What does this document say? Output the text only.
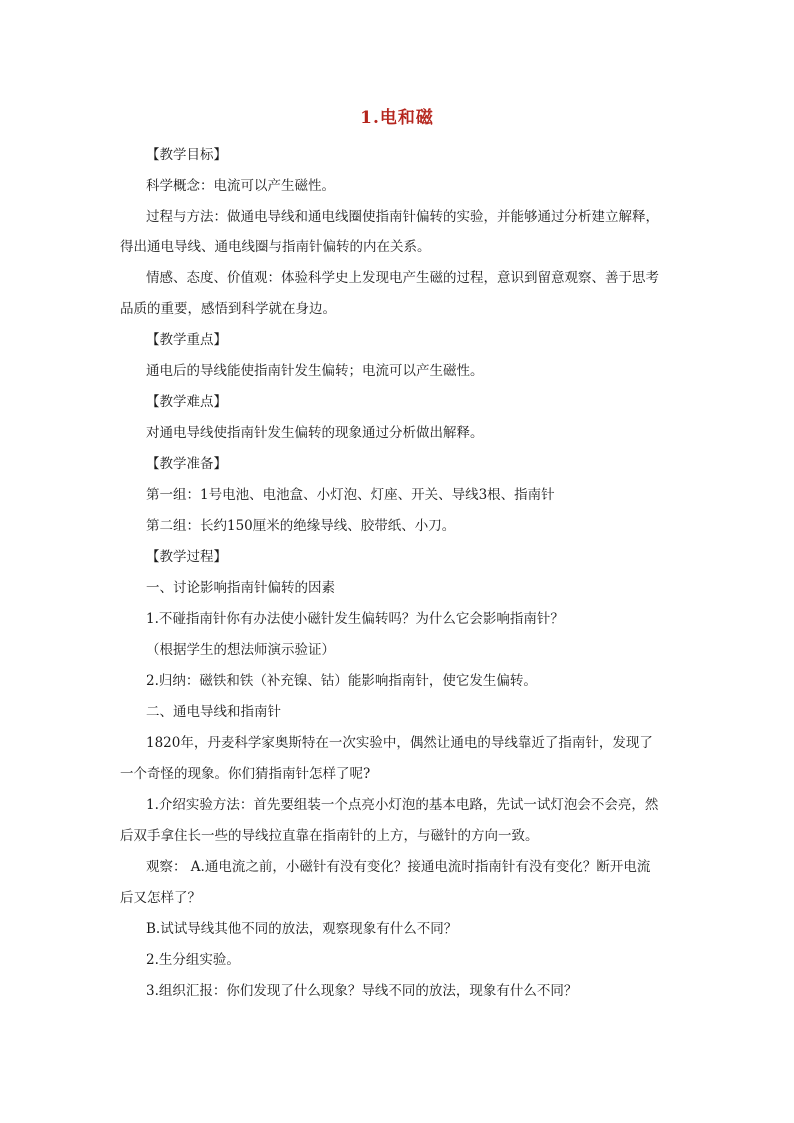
1.电和磁
【教学目标】
科学概念：电流可以产生磁性。
过程与方法：做通电导线和通电线圈使指南针偏转的实验，并能够通过分析建立解释，
得出通电导线、通电线圈与指南针偏转的内在关系。
情感、态度、价值观：体验科学史上发现电产生磁的过程，意识到留意观察、善于思考
品质的重要，感悟到科学就在身边。
【教学重点】
通电后的导线能使指南针发生偏转；电流可以产生磁性。
【教学难点】
对通电导线使指南针发生偏转的现象通过分析做出解释。
【教学准备】
第一组：1号电池、电池盒、小灯泡、灯座、开关、导线3根、指南针
第二组：长约150厘米的绝缘导线、胶带纸、小刀。
【教学过程】
一、讨论影响指南针偏转的因素
1.不碰指南针你有办法使小磁针发生偏转吗？为什么它会影响指南针？
（根据学生的想法师演示验证）
2.归纳：磁铁和铁（补充镍、钴）能影响指南针，使它发生偏转。
二、通电导线和指南针
1820年，丹麦科学家奥斯特在一次实验中，偶然让通电的导线靠近了指南针，发现了
一个奇怪的现象。你们猜指南针怎样了呢?
1.介绍实验方法：首先要组装一个点亮小灯泡的基本电路，先试一试灯泡会不会亮，然
后双手拿住长一些的导线拉直靠在指南针的上方，与磁针的方向一致。
观察： A.通电流之前，小磁针有没有变化？接通电流时指南针有没有变化？断开电流
后又怎样了？
B.试试导线其他不同的放法，观察现象有什么不同？
2.生分组实验。
3.组织汇报：你们发现了什么现象？导线不同的放法，现象有什么不同？
